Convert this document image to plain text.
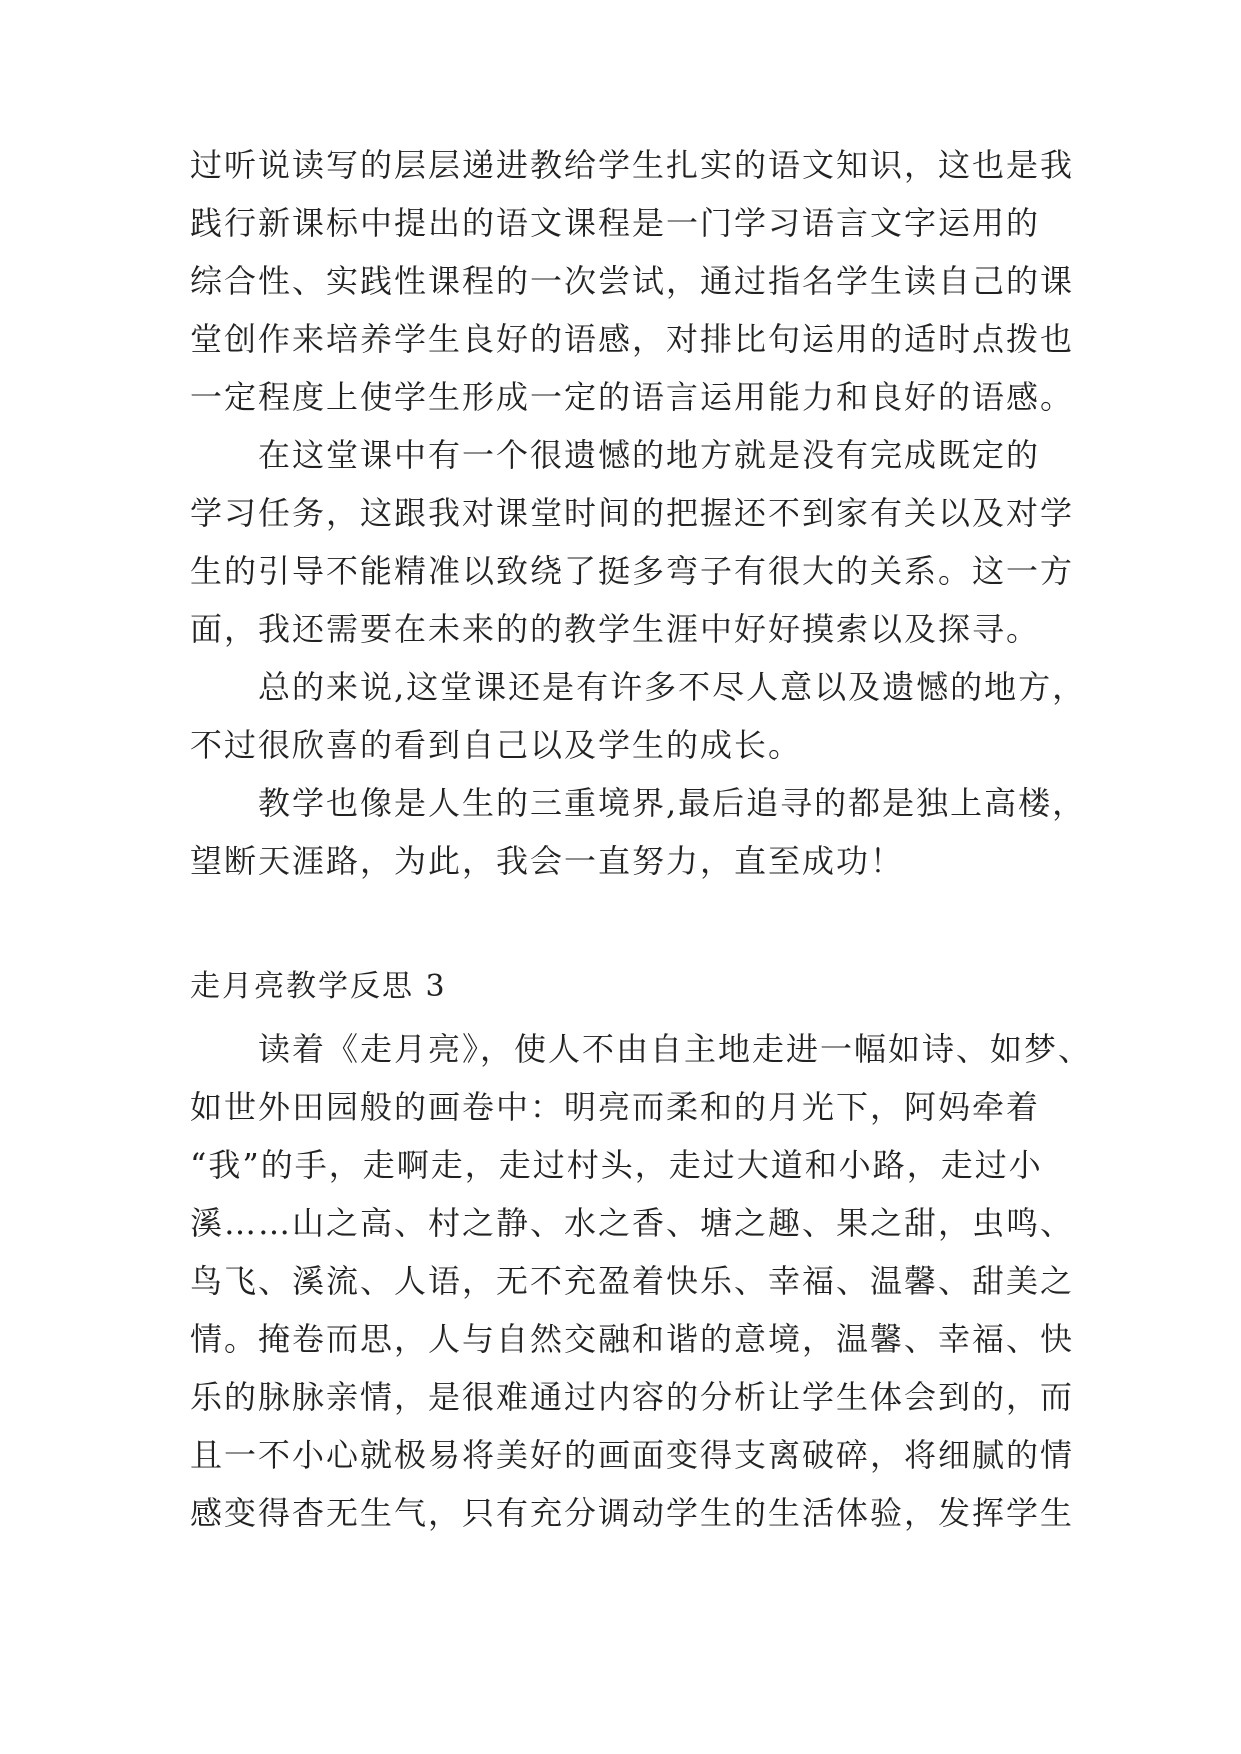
过听说读写的层层递进教给学生扎实的语文知识，这也是我
践行新课标中提出的语文课程是一门学习语言文字运用的
综合性、实践性课程的一次尝试，通过指名学生读自己的课
堂创作来培养学生良好的语感，对排比句运用的适时点拨也
一定程度上使学生形成一定的语言运用能力和良好的语感。
　　在这堂课中有一个很遗憾的地方就是没有完成既定的
学习任务，这跟我对课堂时间的把握还不到家有关以及对学
生的引导不能精准以致绕了挺多弯子有很大的关系。这一方
面，我还需要在未来的的教学生涯中好好摸索以及探寻。
　　总的来说,这堂课还是有许多不尽人意以及遗憾的地方，
不过很欣喜的看到自己以及学生的成长。
　　教学也像是人生的三重境界,最后追寻的都是独上高楼，
望断天涯路，为此，我会一直努力，直至成功！
走月亮教学反思 3
　　读着《走月亮》，使人不由自主地走进一幅如诗、如梦、
如世外田园般的画卷中：明亮而柔和的月光下，阿妈牵着
“我”的手，走啊走，走过村头，走过大道和小路，走过小
溪……山之高、村之静、水之香、塘之趣、果之甜，虫鸣、
鸟飞、溪流、人语，无不充盈着快乐、幸福、温馨、甜美之
情。掩卷而思，人与自然交融和谐的意境，温馨、幸福、快
乐的脉脉亲情，是很难通过内容的分析让学生体会到的，而
且一不小心就极易将美好的画面变得支离破碎，将细腻的情
感变得杳无生气，只有充分调动学生的生活体验，发挥学生
